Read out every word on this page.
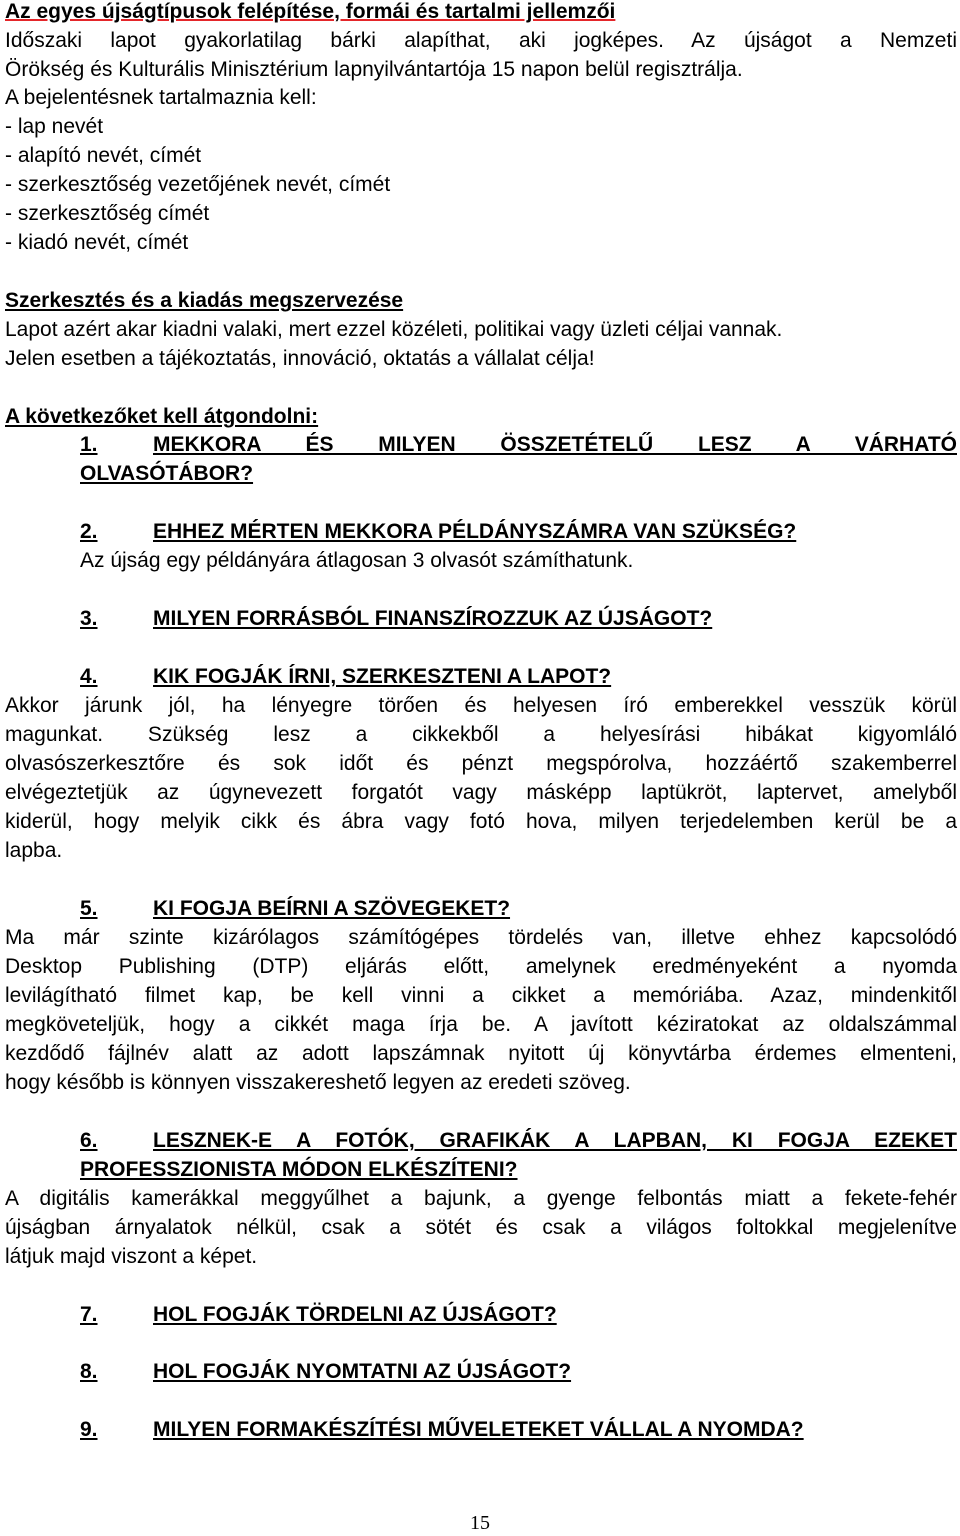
Az egyes újságtípusok felépítése, formái és tartalmi jellemzői
Időszaki lapot gyakorlatilag bárki alapíthat, aki jogképes. Az újságot a Nemzeti
Örökség és Kulturális Minisztérium lapnyilvántartója 15 napon belül regisztrálja.
A bejelentésnek tartalmaznia kell:
- lap nevét
- alapító nevét, címét
- szerkesztőség vezetőjének nevét, címét
- szerkesztőség címét
- kiadó nevét, címét
Szerkesztés és a kiadás megszervezése
Lapot azért akar kiadni valaki, mert ezzel közéleti, politikai vagy üzleti céljai vannak.
Jelen esetben a tájékoztatás, innováció, oktatás a vállalat célja!
A következőket kell átgondolni:
1.	MEKKORA ÉS MILYEN ÖSSZETÉTELŰ LESZ A VÁRHATÓ
OLVASÓTÁBOR?
2.	EHHEZ MÉRTEN MEKKORA PÉLDÁNYSZÁMRA VAN SZÜKSÉG?
Az újság egy példányára átlagosan 3 olvasót számíthatunk.
3.	MILYEN FORRÁSBÓL FINANSZÍROZZUK AZ ÚJSÁGOT?
4.	KIK FOGJÁK ÍRNI, SZERKESZTENI A LAPOT?
Akkor járunk jól, ha lényegre törően és helyesen író emberekkel vesszük körül
magunkat. Szükség lesz a cikkekből a helyesírási hibákat kigyomláló
olvasószerkesztőre és sok időt és pénzt megspórolva, hozzáértő szakemberrel
elvégeztetjük az úgynevezett forgatót vagy másképp laptükröt, laptervet, amelyből
kiderül, hogy melyik cikk és ábra vagy fotó hova, milyen terjedelemben kerül be a
lapba.
5.	KI FOGJA BEÍRNI A SZÖVEGEKET?
Ma már szinte kizárólagos számítógépes tördelés van, illetve ehhez kapcsolódó
Desktop Publishing (DTP) eljárás előtt, amelynek eredményeként a nyomda
levilágítható filmet kap, be kell vinni a cikket a memóriába. Azaz, mindenkitől
megköveteljük, hogy a cikkét maga írja be. A javított kéziratokat az oldalszámmal
kezdődő fájlnév alatt az adott lapszámnak nyitott új könyvtárba érdemes elmenteni,
hogy később is könnyen visszakereshető legyen az eredeti szöveg.
6.	LESZNEK-E A FOTÓK, GRAFIKÁK A LAPBAN, KI FOGJA EZEKET
PROFESSZIONISTA MÓDON ELKÉSZÍTENI?
A digitális kamerákkal meggyűlhet a bajunk, a gyenge felbontás miatt a fekete-fehér
újságban árnyalatok nélkül, csak a sötét és csak a világos foltokkal megjelenítve
látjuk majd viszont a képet.
7.	HOL FOGJÁK TÖRDELNI AZ ÚJSÁGOT?
8.	HOL FOGJÁK NYOMTATNI AZ ÚJSÁGOT?
9.	MILYEN FORMAKÉSZÍTÉSI MŰVELETEKET VÁLLAL A NYOMDA?
15
